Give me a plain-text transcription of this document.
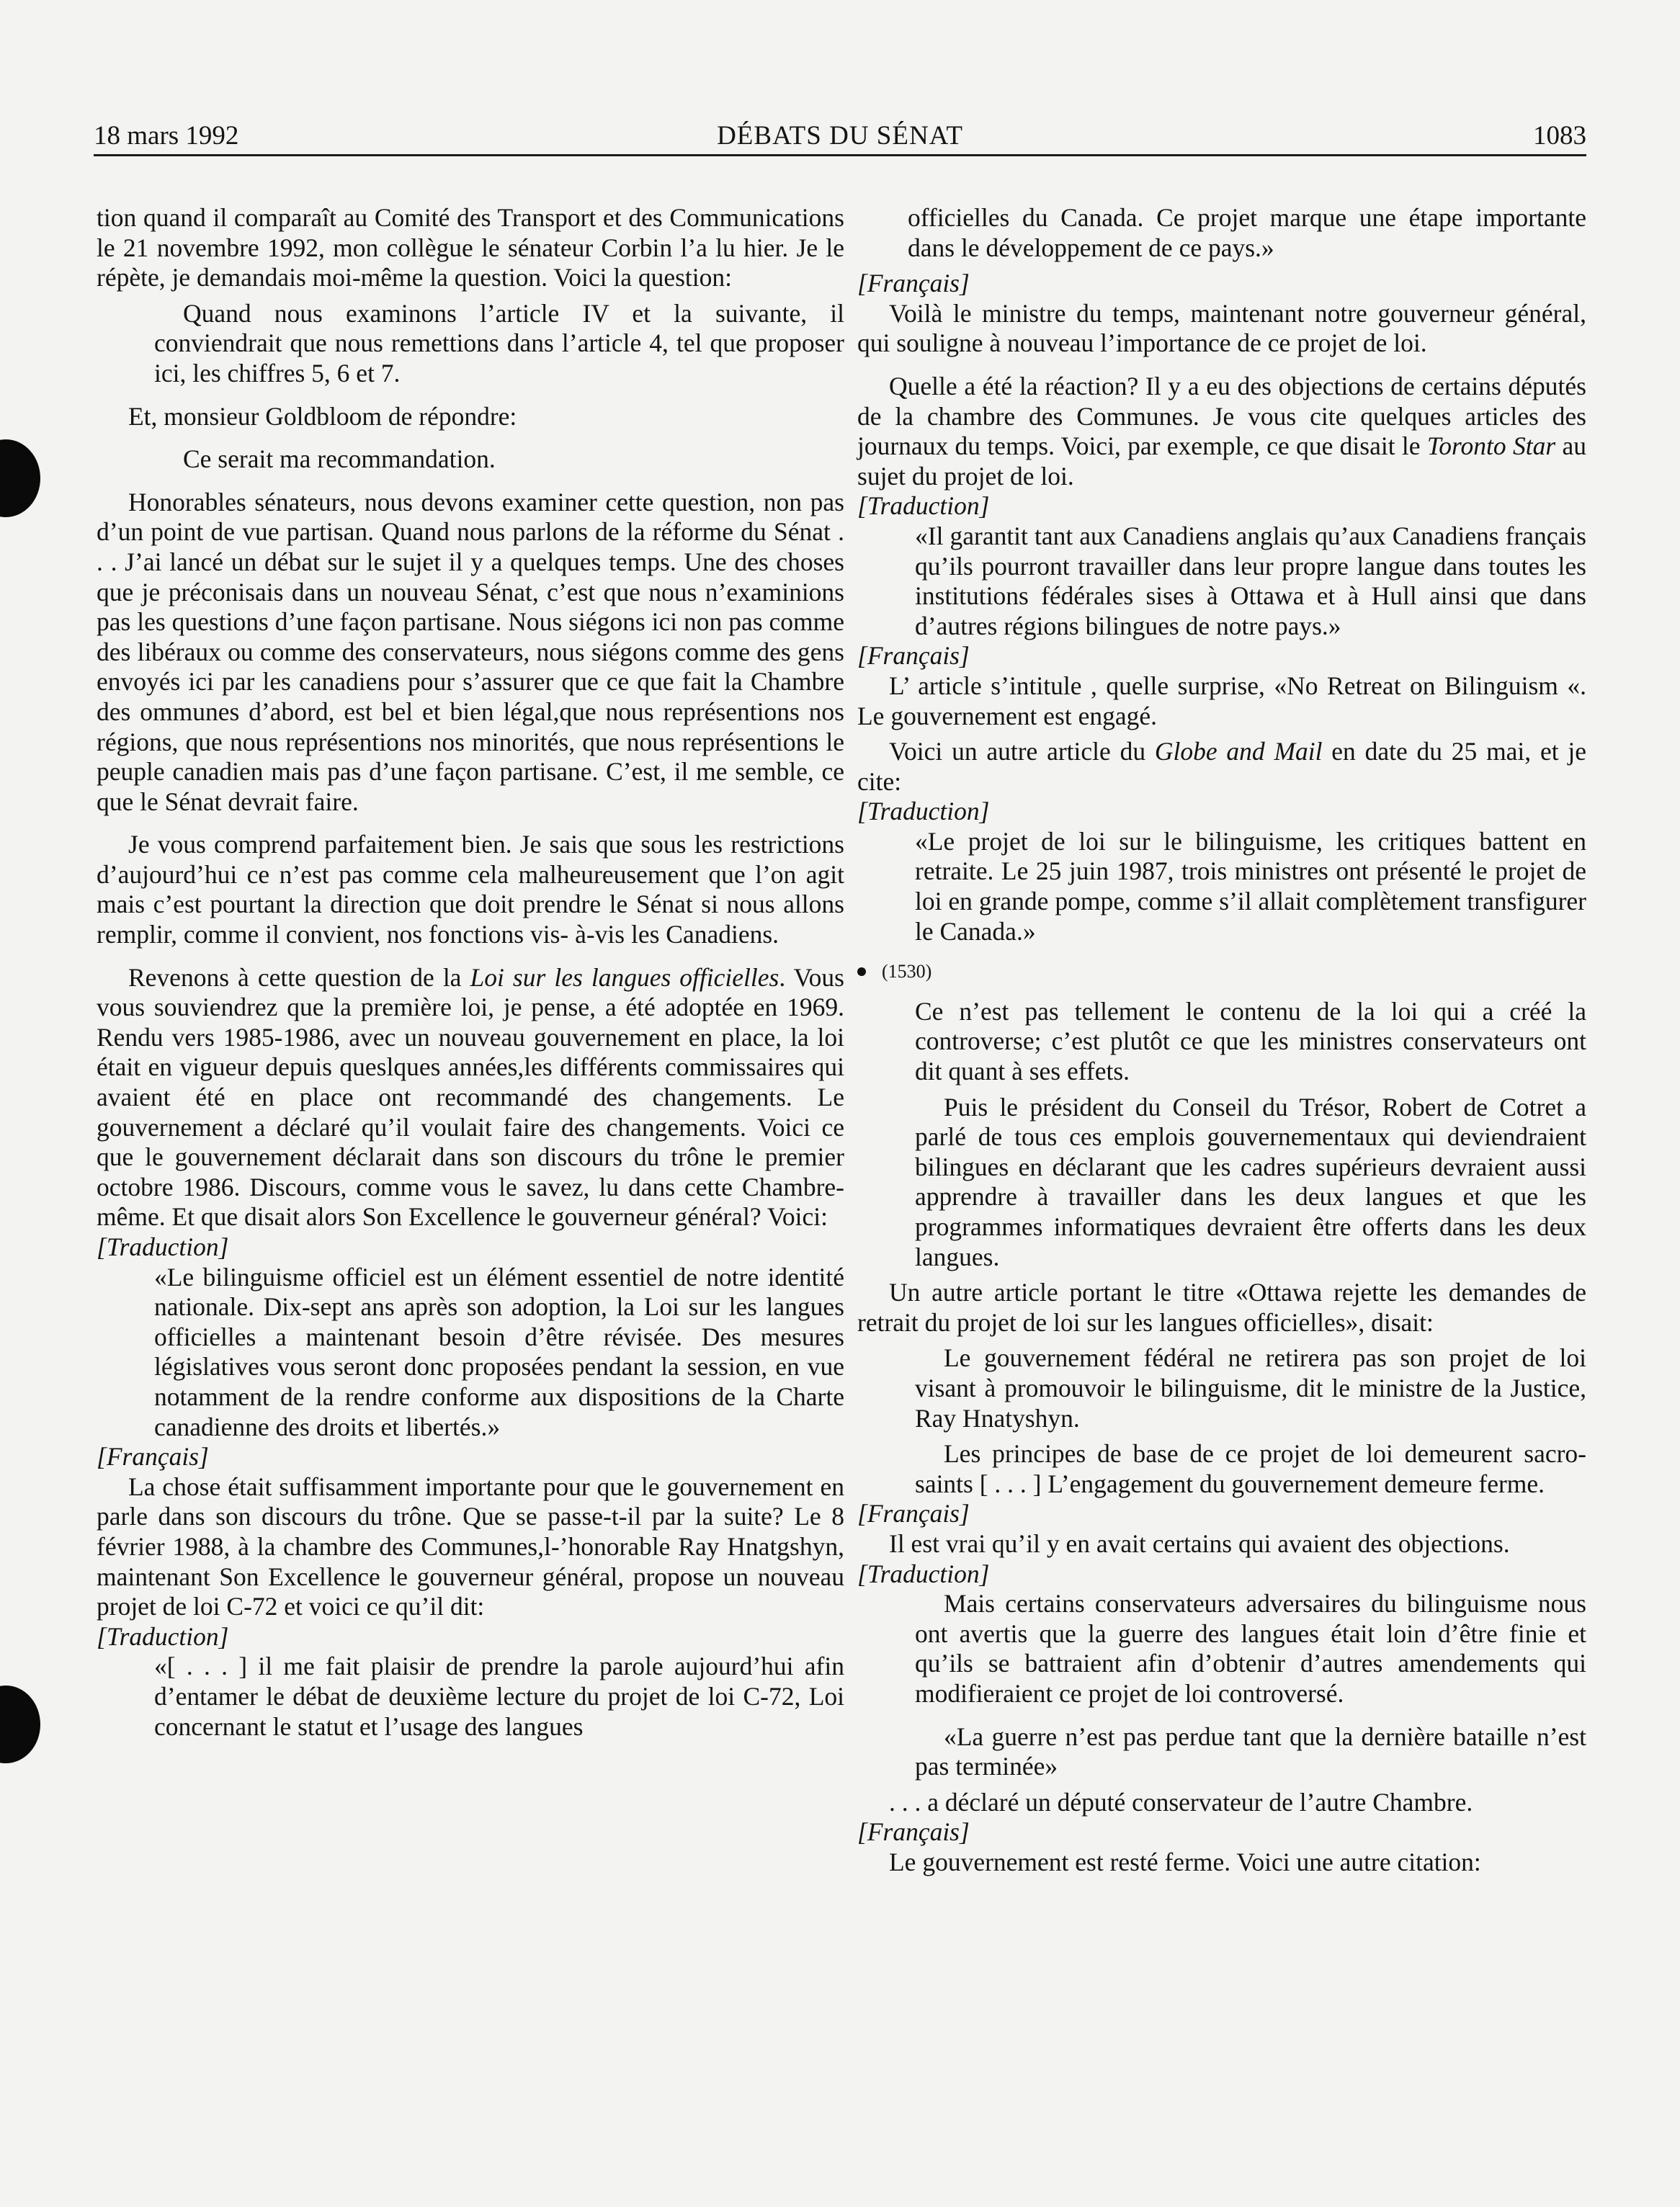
18 mars 1992	DÉBATS DU SÉNAT	1083

tion quand il comparaît au Comité des Transport et des Communications le 21 novembre 1992, mon collègue le sénateur Corbin l’a lu hier. Je le répète, je demandais moi-même la question. Voici la question:

Quand nous examinons l’article IV et la suivante, il conviendrait que nous remettions dans l’article 4, tel que proposer ici, les chiffres 5, 6 et 7.

Et, monsieur Goldbloom de répondre:

Ce serait ma recommandation.

Honorables sénateurs, nous devons examiner cette question, non pas d’un point de vue partisan. Quand nous parlons de la réforme du Sénat . . . J’ai lancé un débat sur le sujet il y a quelques temps. Une des choses que je préconisais dans un nouveau Sénat, c’est que nous n’examinions pas les questions d’une façon partisane. Nous siégons ici non pas comme des libéraux ou comme des conservateurs, nous siégons comme des gens envoyés ici par les canadiens pour s’assurer que ce que fait la Chambre des ommunes d’abord, est bel et bien légal,que nous représentions nos régions, que nous représentions nos minorités, que nous représentions le peuple canadien mais pas d’une façon partisane. C’est, il me semble, ce que le Sénat devrait faire.

Je vous comprend parfaitement bien. Je sais que sous les restrictions d’aujourd’hui ce n’est pas comme cela malheureusement que l’on agit mais c’est pourtant la direction que doit prendre le Sénat si nous allons remplir, comme il convient, nos fonctions vis- à-vis les Canadiens.

Revenons à cette question de la Loi sur les langues officielles. Vous vous souviendrez que la première loi, je pense, a été adoptée en 1969. Rendu vers 1985-1986, avec un nouveau gouvernement en place, la loi était en vigueur depuis queslques années,les différents commissaires qui avaient été en place ont recommandé des changements. Le gouvernement a déclaré qu’il voulait faire des changements. Voici ce que le gouvernement déclarait dans son discours du trône le premier octobre 1986. Discours, comme vous le savez, lu dans cette Chambre-même. Et que disait alors Son Excellence le gouverneur général? Voici:

[Traduction]

«Le bilinguisme officiel est un élément essentiel de notre identité nationale. Dix-sept ans après son adoption, la Loi sur les langues officielles a maintenant besoin d’être révisée. Des mesures législatives vous seront donc proposées pendant la session, en vue notamment de la rendre conforme aux dispositions de la Charte canadienne des droits et libertés.»

[Français]

La chose était suffisamment importante pour que le gouvernement en parle dans son discours du trône. Que se passe-t-il par la suite? Le 8 février 1988, à la chambre des Communes,l-’honorable Ray Hnatgshyn, maintenant Son Excellence le gouverneur général, propose un nouveau projet de loi C-72 et voici ce qu’il dit:

[Traduction]

«[ . . . ] il me fait plaisir de prendre la parole aujourd’hui afin d’entamer le débat de deuxième lecture du projet de loi C-72, Loi concernant le statut et l’usage des langues

officielles du Canada. Ce projet marque une étape importante dans le développement de ce pays.»

[Français]

Voilà le ministre du temps, maintenant notre gouverneur général, qui souligne à nouveau l’importance de ce projet de loi.

Quelle a été la réaction? Il y a eu des objections de certains députés de la chambre des Communes. Je vous cite quelques articles des journaux du temps. Voici, par exemple, ce que disait le Toronto Star au sujet du projet de loi.

[Traduction]

«Il garantit tant aux Canadiens anglais qu’aux Canadiens français qu’ils pourront travailler dans leur propre langue dans toutes les institutions fédérales sises à Ottawa et à Hull ainsi que dans d’autres régions bilingues de notre pays.»

[Français]

L’ article s’intitule , quelle surprise, «No Retreat on Bilinguism «. Le gouvernement est engagé.

Voici un autre article du Globe and Mail en date du 25 mai, et je cite:

[Traduction]

«Le projet de loi sur le bilinguisme, les critiques battent en retraite. Le 25 juin 1987, trois ministres ont présenté le projet de loi en grande pompe, comme s’il allait complètement transfigurer le Canada.»

(1530)

Ce n’est pas tellement le contenu de la loi qui a créé la controverse; c’est plutôt ce que les ministres conservateurs ont dit quant à ses effets.

Puis le président du Conseil du Trésor, Robert de Cotret a parlé de tous ces emplois gouvernementaux qui deviendraient bilingues en déclarant que les cadres supérieurs devraient aussi apprendre à travailler dans les deux langues et que les programmes informatiques devraient être offerts dans les deux langues.

Un autre article portant le titre «Ottawa rejette les demandes de retrait du projet de loi sur les langues officielles», disait:

Le gouvernement fédéral ne retirera pas son projet de loi visant à promouvoir le bilinguisme, dit le ministre de la Justice, Ray Hnatyshyn.

Les principes de base de ce projet de loi demeurent sacro-saints [ . . . ] L’engagement du gouvernement demeure ferme.

[Français]

Il est vrai qu’il y en avait certains qui avaient des objections.

[Traduction]

Mais certains conservateurs adversaires du bilinguisme nous ont avertis que la guerre des langues était loin d’être finie et qu’ils se battraient afin d’obtenir d’autres amendements qui modifieraient ce projet de loi controversé.

«La guerre n’est pas perdue tant que la dernière bataille n’est pas terminée»

. . . a déclaré un député conservateur de l’autre Chambre.

[Français]

Le gouvernement est resté ferme. Voici une autre citation:
